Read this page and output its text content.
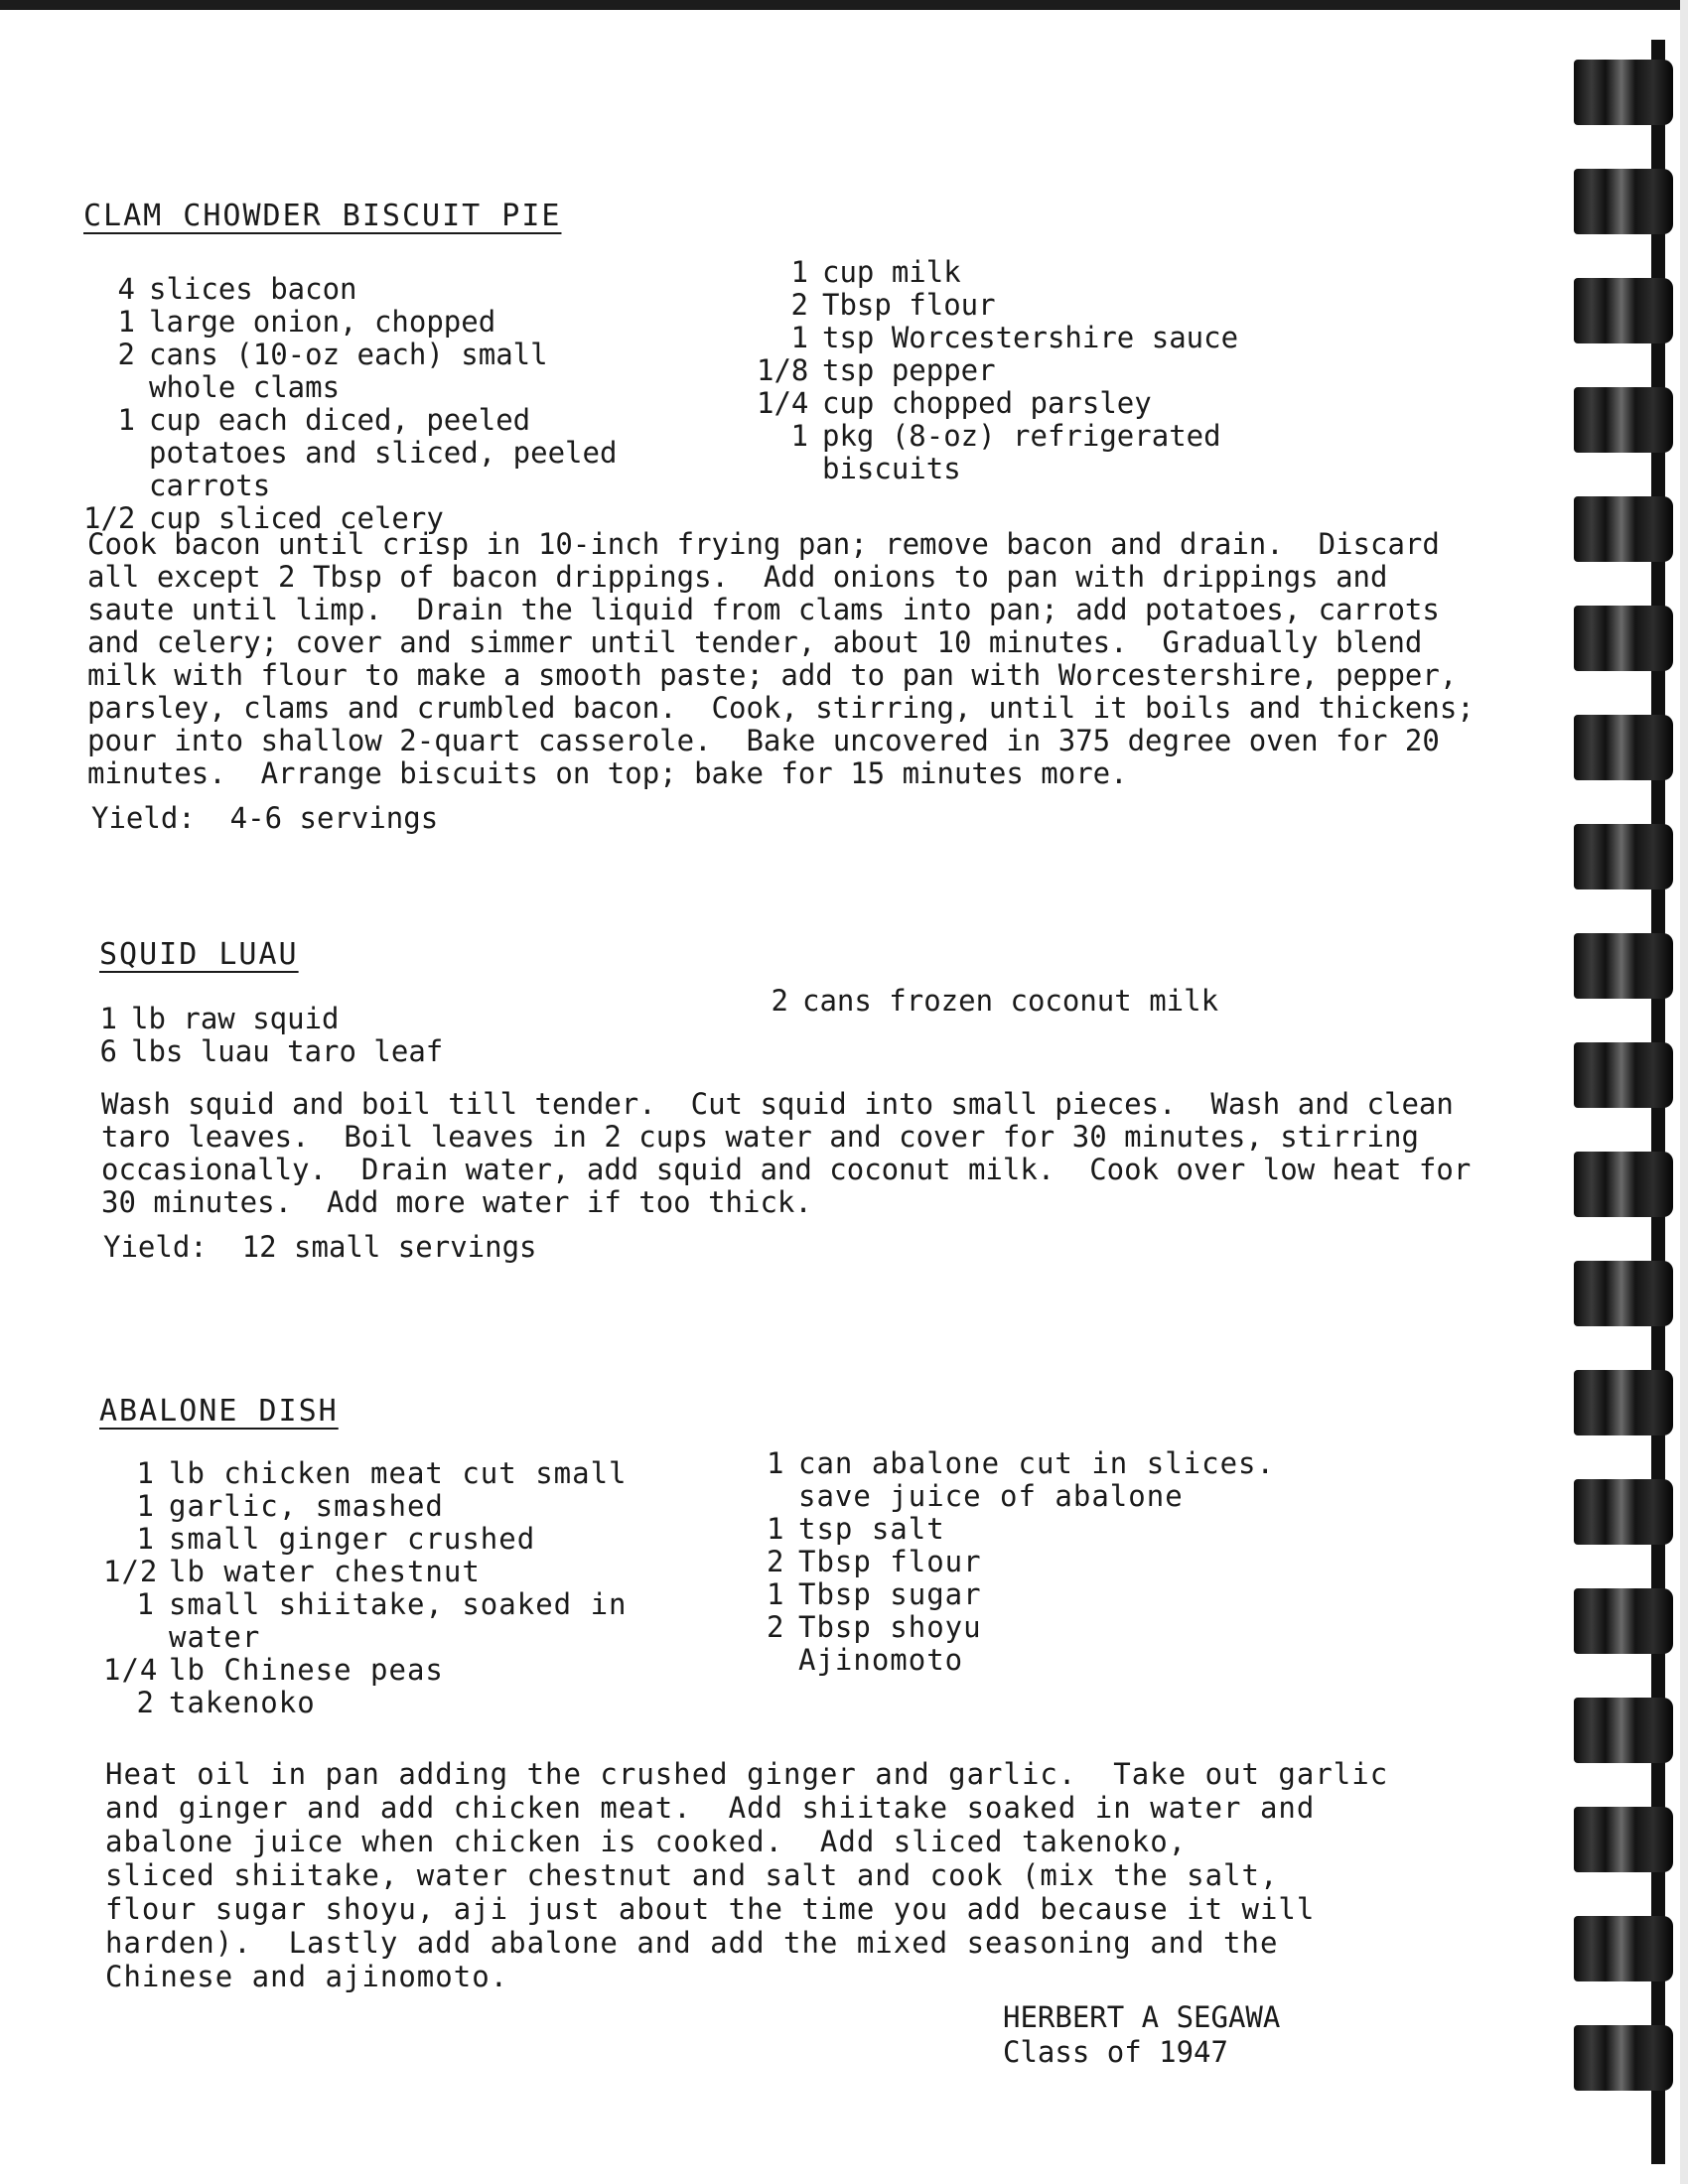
CLAM CHOWDER BISCUIT PIE
4 slices bacon
1 large onion, chopped
2 cans (10-oz each) small whole clams
1 cup each diced, peeled potatoes and sliced, peeled carrots
1/2 cup sliced celery
1 cup milk
2 Tbsp flour
1 tsp Worcestershire sauce
1/8 tsp pepper
1/4 cup chopped parsley
1 pkg (8-oz) refrigerated biscuits

Cook bacon until crisp in 10-inch frying pan; remove bacon and drain.  Discard
all except 2 Tbsp of bacon drippings.  Add onions to pan with drippings and
saute until limp.  Drain the liquid from clams into pan; add potatoes, carrots
and celery; cover and simmer until tender, about 10 minutes.  Gradually blend
milk with flour to make a smooth paste; add to pan with Worcestershire, pepper,
parsley, clams and crumbled bacon.  Cook, stirring, until it boils and thickens;
pour into shallow 2-quart casserole.  Bake uncovered in 375 degree oven for 20
minutes.  Arrange biscuits on top; bake for 15 minutes more.

Yield:  4-6 servings

SQUID LUAU
1 lb raw squid
6 lbs luau taro leaf
2 cans frozen coconut milk

Wash squid and boil till tender.  Cut squid into small pieces.  Wash and clean
taro leaves.  Boil leaves in 2 cups water and cover for 30 minutes, stirring
occasionally.  Drain water, add squid and coconut milk.  Cook over low heat for
30 minutes.  Add more water if too thick.

Yield:  12 small servings

ABALONE DISH
1 lb chicken meat cut small
1 garlic, smashed
1 small ginger crushed
1/2 lb water chestnut
1 small shiitake, soaked in water
1/4 lb Chinese peas
2 takenoko
1 can abalone cut in slices. save juice of abalone
1 tsp salt
2 Tbsp flour
1 Tbsp sugar
2 Tbsp shoyu
Ajinomoto

Heat oil in pan adding the crushed ginger and garlic.  Take out garlic
and ginger and add chicken meat.  Add shiitake soaked in water and
abalone juice when chicken is cooked.  Add sliced takenoko,
sliced shiitake, water chestnut and salt and cook (mix the salt,
flour sugar shoyu, aji just about the time you add because it will
harden).  Lastly add abalone and add the mixed seasoning and the
Chinese and ajinomoto.

HERBERT A SEGAWA
Class of 1947
